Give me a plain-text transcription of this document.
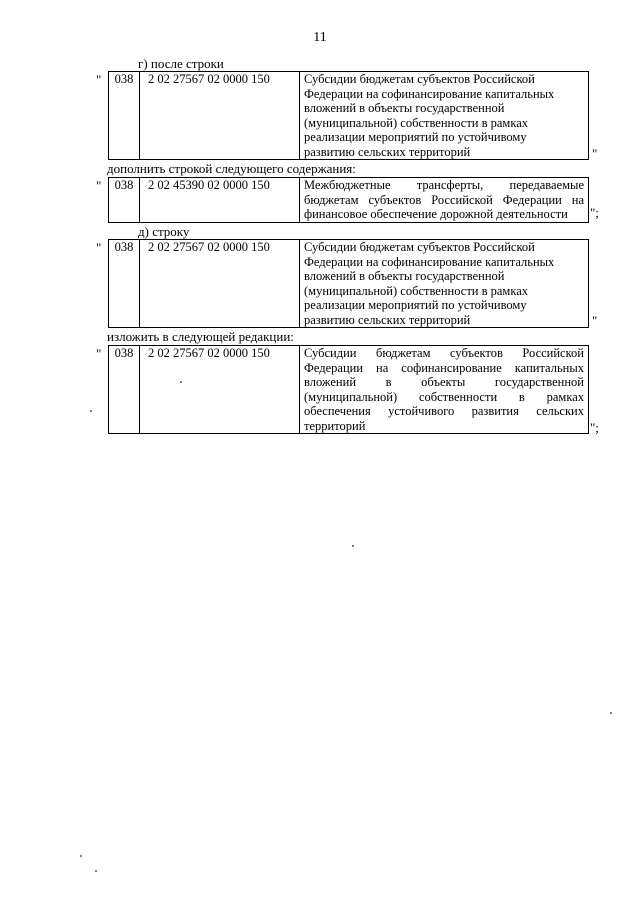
11
г) после строки
" 038	2 02 27567 02 0000 150	Субсидии бюджетам субъектов Российской
Федерации на софинансирование капитальных
вложений в объекты государственной
(муниципальной) собственности в рамках
реализации мероприятий по устойчивому
развитию сельских территорий	"
дополнить строкой следующего содержания:
" 038	2 02 45390 02 0000 150	Межбюджетные трансферты, передаваемые
бюджетам субъектов Российской Федерации на
финансовое обеспечение дорожной деятельности	";
д) строку
" 038	2 02 27567 02 0000 150	Субсидии бюджетам субъектов Российской
Федерации на софинансирование капитальных
вложений в объекты государственной
(муниципальной) собственности в рамках
реализации мероприятий по устойчивому
развитию сельских территорий	"
изложить в следующей редакции:
" 038	2 02 27567 02 0000 150	Субсидии бюджетам субъектов Российской
Федерации на софинансирование капитальных
вложений в объекты государственной
(муниципальной) собственности в рамках
обеспечения устойчивого развития сельских
территорий	";
